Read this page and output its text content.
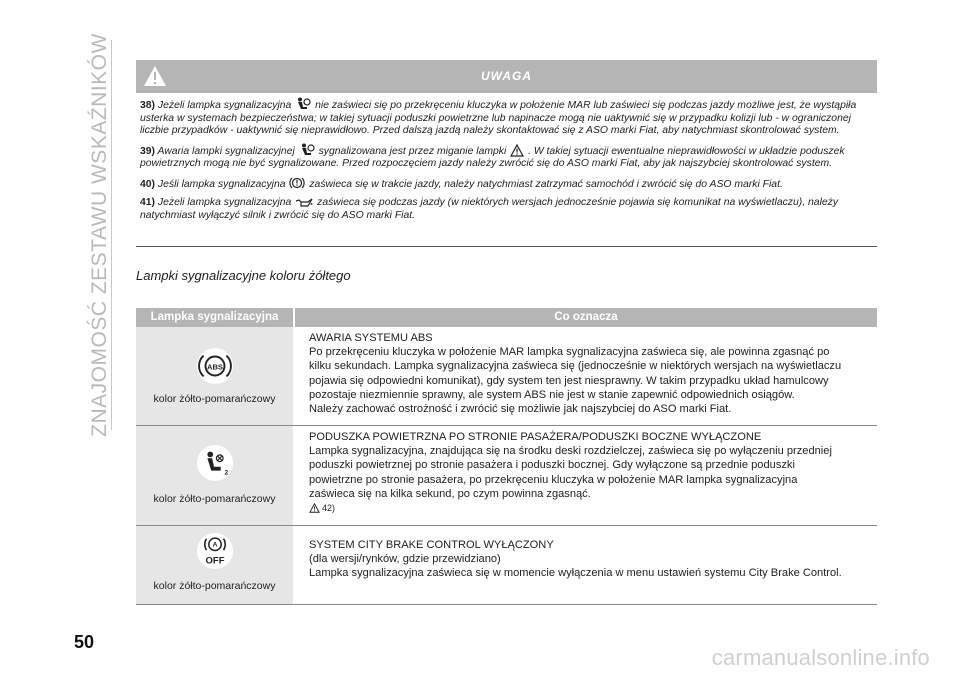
ZNAJOMOŚĆ ZESTAWU WSKAŹNIKÓW	UWAGA

38) Jeżeli lampka sygnalizacyjna nie zaświeci się po przekręceniu kluczyka w położenie MAR lub zaświeci się podczas jazdy możliwe jest, że wystąpiła usterka w systemach bezpieczeństwa; w takiej sytuacji poduszki powietrzne lub napinacze mogą nie uaktywnić się w przypadku kolizji lub - w ograniczonej liczbie przypadków - uaktywnić się nieprawidłowo. Przed dalszą jazdą należy skontaktować się z ASO marki Fiat, aby natychmiast skontrolować system.

39) Awaria lampki sygnalizacyjnej sygnalizowana jest przez miganie lampki . W takiej sytuacji ewentualne nieprawidłowości w układzie poduszek powietrznych mogą nie być sygnalizowane. Przed rozpoczęciem jazdy należy zwrócić się do ASO marki Fiat, aby jak najszybciej skontrolować system.

40) Jeśli lampka sygnalizacyjna zaświeca się w trakcie jazdy, należy natychmiast zatrzymać samochód i zwrócić się do ASO marki Fiat.

41) Jeżeli lampka sygnalizacyjna zaświeca się podczas jazdy (w niektórych wersjach jednocześnie pojawia się komunikat na wyświetlaczu), należy natychmiast wyłączyć silnik i zwrócić się do ASO marki Fiat.

Lampki sygnalizacyjne koloru żółtego
Lampka sygnalizacyjna	Co oznacza
ABS
kolor żółto-pomarańczowy
AWARIA SYSTEMU ABS
Po przekręceniu kluczyka w położenie MAR lampka sygnalizacyjna zaświeca się, ale powinna zgasnąć po
kilku sekundach. Lampka sygnalizacyjna zaświeca się (jednocześnie w niektórych wersjach na wyświetlaczu
pojawia się odpowiedni komunikat), gdy system ten jest niesprawny. W takim przypadku układ hamulcowy
pozostaje niezmiennie sprawny, ale system ABS nie jest w stanie zapewnić odpowiednich osiągów.
Należy zachować ostrożność i zwrócić się możliwie jak najszybciej do ASO marki Fiat.
2
kolor żółto-pomarańczowy
PODUSZKA POWIETRZNA PO STRONIE PASAŻERA/PODUSZKI BOCZNE WYŁĄCZONE
Lampka sygnalizacyjna, znajdująca się na środku deski rozdzielczej, zaświeca się po wyłączeniu przedniej
poduszki powietrznej po stronie pasażera i poduszki bocznej. Gdy wyłączone są przednie poduszki
powietrzne po stronie pasażera, po przekręceniu kluczyka w położenie MAR lampka sygnalizacyjna
zaświeca się na kilka sekund, po czym powinna zgasnąć.
42)
A
OFF
kolor żółto-pomarańczowy
SYSTEM CITY BRAKE CONTROL WYŁĄCZONY
(dla wersji/rynków, gdzie przewidziano)
Lampka sygnalizacyjna zaświeca się w momencie wyłączenia w menu ustawień systemu City Brake Control.
50
carmanualsonline.info
